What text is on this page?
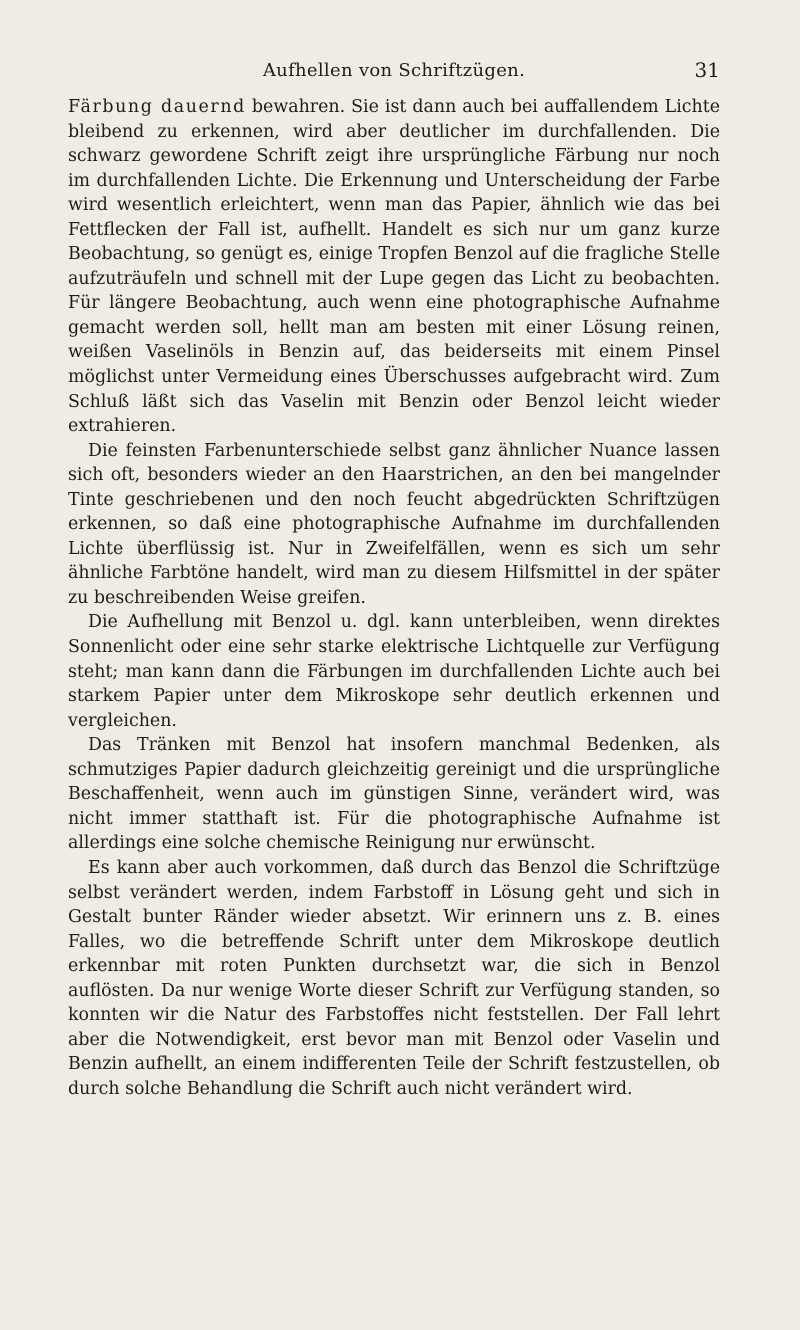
Aufhellen von Schriftzügen.	31

Färbung dauernd bewahren. Sie ist dann auch bei auffallendem Lichte bleibend zu erkennen, wird aber deutlicher im durchfallenden. Die schwarz gewordene Schrift zeigt ihre ursprüngliche Färbung nur noch im durchfallenden Lichte. Die Erkennung und Unterscheidung der Farbe wird wesentlich erleichtert, wenn man das Papier, ähnlich wie das bei Fettflecken der Fall ist, aufhellt. Handelt es sich nur um ganz kurze Beobachtung, so genügt es, einige Tropfen Benzol auf die fragliche Stelle aufzuträufeln und schnell mit der Lupe gegen das Licht zu beobachten. Für längere Beobachtung, auch wenn eine photographische Aufnahme gemacht werden soll, hellt man am besten mit einer Lösung reinen, weißen Vaselinöls in Benzin auf, das beiderseits mit einem Pinsel möglichst unter Vermeidung eines Überschusses aufgebracht wird. Zum Schluß läßt sich das Vaselin mit Benzin oder Benzol leicht wieder extrahieren.

Die feinsten Farbenunterschiede selbst ganz ähnlicher Nuance lassen sich oft, besonders wieder an den Haarstrichen, an den bei mangelnder Tinte geschriebenen und den noch feucht abgedrückten Schriftzügen erkennen, so daß eine photographische Aufnahme im durchfallenden Lichte überflüssig ist. Nur in Zweifelfällen, wenn es sich um sehr ähnliche Farbtöne handelt, wird man zu diesem Hilfsmittel in der später zu beschreibenden Weise greifen.

Die Aufhellung mit Benzol u. dgl. kann unterbleiben, wenn direktes Sonnenlicht oder eine sehr starke elektrische Lichtquelle zur Verfügung steht; man kann dann die Färbungen im durchfallenden Lichte auch bei starkem Papier unter dem Mikroskope sehr deutlich erkennen und vergleichen.

Das Tränken mit Benzol hat insofern manchmal Bedenken, als schmutziges Papier dadurch gleichzeitig gereinigt und die ursprüngliche Beschaffenheit, wenn auch im günstigen Sinne, verändert wird, was nicht immer statthaft ist. Für die photographische Aufnahme ist allerdings eine solche chemische Reinigung nur erwünscht.

Es kann aber auch vorkommen, daß durch das Benzol die Schriftzüge selbst verändert werden, indem Farbstoff in Lösung geht und sich in Gestalt bunter Ränder wieder absetzt. Wir erinnern uns z. B. eines Falles, wo die betreffende Schrift unter dem Mikroskope deutlich erkennbar mit roten Punkten durchsetzt war, die sich in Benzol auflösten. Da nur wenige Worte dieser Schrift zur Verfügung standen, so konnten wir die Natur des Farbstoffes nicht feststellen. Der Fall lehrt aber die Notwendigkeit, erst bevor man mit Benzol oder Vaselin und Benzin aufhellt, an einem indifferenten Teile der Schrift festzustellen, ob durch solche Behandlung die Schrift auch nicht verändert wird.
